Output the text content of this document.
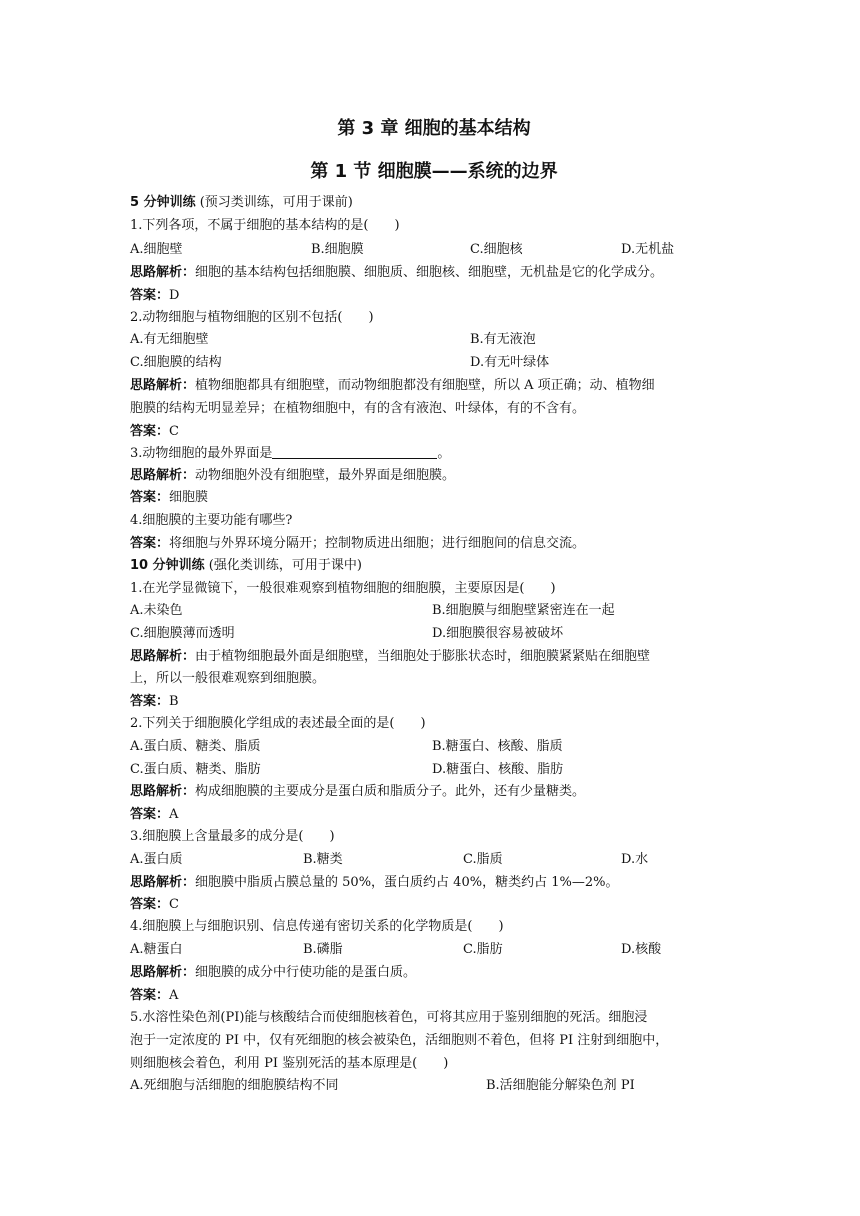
第 3 章 细胞的基本结构
第 1 节 细胞膜——系统的边界
5 分钟训练 (预习类训练，可用于课前)
1.下列各项，不属于细胞的基本结构的是(　　)
A.细胞壁	B.细胞膜	C.细胞核	D.无机盐
思路解析：细胞的基本结构包括细胞膜、细胞质、细胞核、细胞壁，无机盐是它的化学成分。
答案：D
2.动物细胞与植物细胞的区别不包括(　　)
A.有无细胞壁	B.有无液泡
C.细胞膜的结构	D.有无叶绿体
思路解析：植物细胞都具有细胞壁，而动物细胞都没有细胞壁，所以 A 项正确；动、植物细
胞膜的结构无明显差异；在植物细胞中，有的含有液泡、叶绿体，有的不含有。
答案：C
3.动物细胞的最外界面是	。
思路解析：动物细胞外没有细胞壁，最外界面是细胞膜。
答案：细胞膜
4.细胞膜的主要功能有哪些?
答案：将细胞与外界环境分隔开；控制物质进出细胞；进行细胞间的信息交流。
10 分钟训练 (强化类训练，可用于课中)
1.在光学显微镜下，一般很难观察到植物细胞的细胞膜，主要原因是(　　)
A.未染色	B.细胞膜与细胞壁紧密连在一起
C.细胞膜薄而透明	D.细胞膜很容易被破坏
思路解析：由于植物细胞最外面是细胞壁，当细胞处于膨胀状态时，细胞膜紧紧贴在细胞壁
上，所以一般很难观察到细胞膜。
答案：B
2.下列关于细胞膜化学组成的表述最全面的是(　　)
A.蛋白质、糖类、脂质	B.糖蛋白、核酸、脂质
C.蛋白质、糖类、脂肪	D.糖蛋白、核酸、脂肪
思路解析：构成细胞膜的主要成分是蛋白质和脂质分子。此外，还有少量糖类。
答案：A
3.细胞膜上含量最多的成分是(　　)
A.蛋白质	B.糖类	C.脂质	D.水
思路解析：细胞膜中脂质占膜总量的 50%，蛋白质约占 40%，糖类约占 1%—2%。
答案：C
4.细胞膜上与细胞识别、信息传递有密切关系的化学物质是(　　)
A.糖蛋白	B.磷脂	C.脂肪	D.核酸
思路解析：细胞膜的成分中行使功能的是蛋白质。
答案：A
5.水溶性染色剂(PI)能与核酸结合而使细胞核着色，可将其应用于鉴别细胞的死活。细胞浸
泡于一定浓度的 PI 中，仅有死细胞的核会被染色，活细胞则不着色，但将 PI 注射到细胞中，
则细胞核会着色，利用 PI 鉴别死活的基本原理是(　　)
A.死细胞与活细胞的细胞膜结构不同	B.活细胞能分解染色剂 PI
